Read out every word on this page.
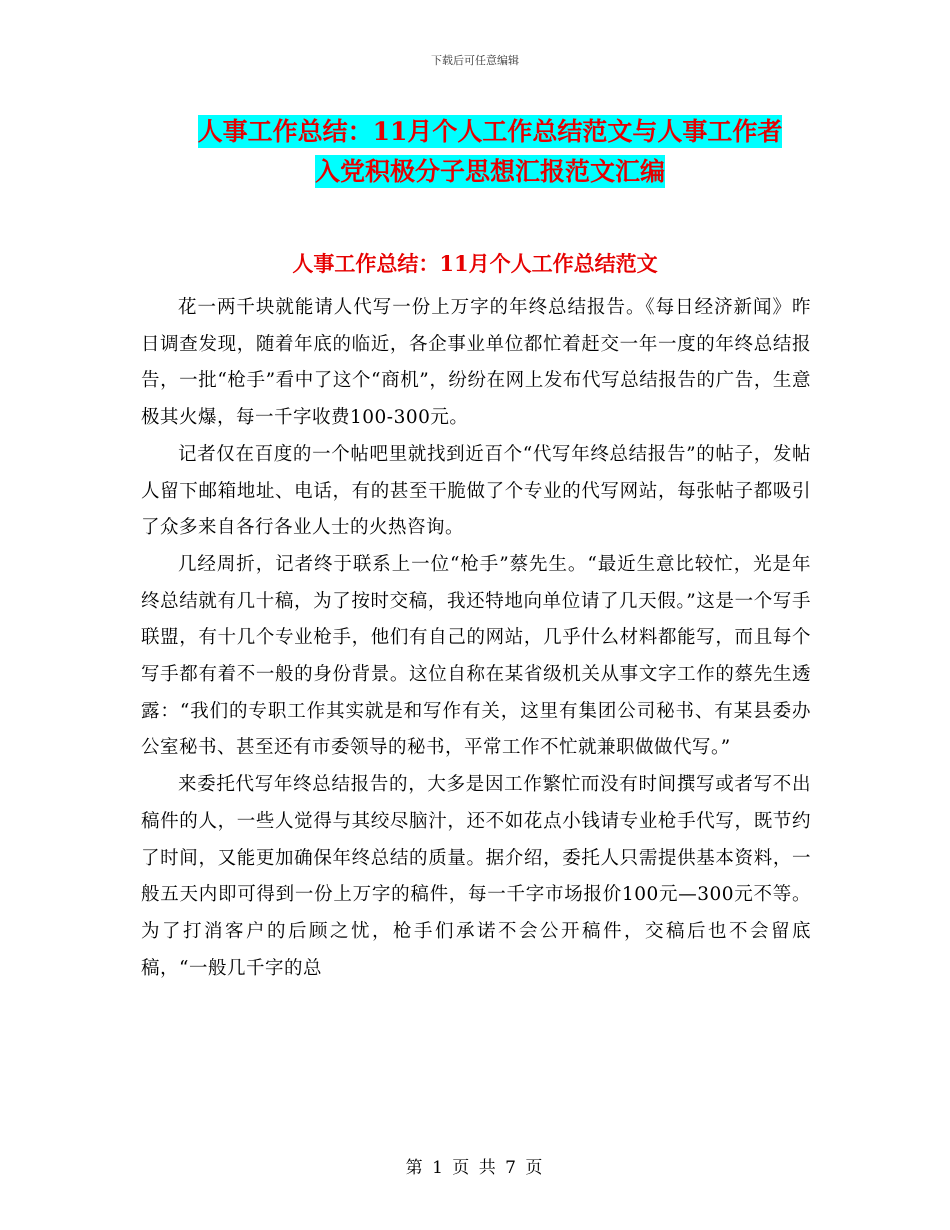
下载后可任意编辑
人事工作总结：11月个人工作总结范文与人事工作者
入党积极分子思想汇报范文汇编
人事工作总结：11月个人工作总结范文

花一两千块就能请人代写一份上万字的年终总结报告。《每日经济新闻》昨日调查发现，随着年底的临近，各企事业单位都忙着赶交一年一度的年终总结报告，一批“枪手”看中了这个“商机”，纷纷在网上发布代写总结报告的广告，生意极其火爆，每一千字收费100-300元。

记者仅在百度的一个帖吧里就找到近百个“代写年终总结报告”的帖子，发帖人留下邮箱地址、电话，有的甚至干脆做了个专业的代写网站，每张帖子都吸引了众多来自各行各业人士的火热咨询。

几经周折，记者终于联系上一位“枪手”蔡先生。“最近生意比较忙，光是年终总结就有几十稿，为了按时交稿，我还特地向单位请了几天假。”这是一个写手联盟，有十几个专业枪手，他们有自己的网站，几乎什么材料都能写，而且每个写手都有着不一般的身份背景。这位自称在某省级机关从事文字工作的蔡先生透露：“我们的专职工作其实就是和写作有关，这里有集团公司秘书、有某县委办公室秘书、甚至还有市委领导的秘书，平常工作不忙就兼职做做代写。”

来委托代写年终总结报告的，大多是因工作繁忙而没有时间撰写或者写不出稿件的人，一些人觉得与其绞尽脑汁，还不如花点小钱请专业枪手代写，既节约了时间，又能更加确保年终总结的质量。据介绍，委托人只需提供基本资料，一般五天内即可得到一份上万字的稿件，每一千字市场报价100元—300元不等。为了打消客户的后顾之忧，枪手们承诺不会公开稿件，交稿后也不会留底稿，“一般几千字的总

第 1 页 共 7 页
